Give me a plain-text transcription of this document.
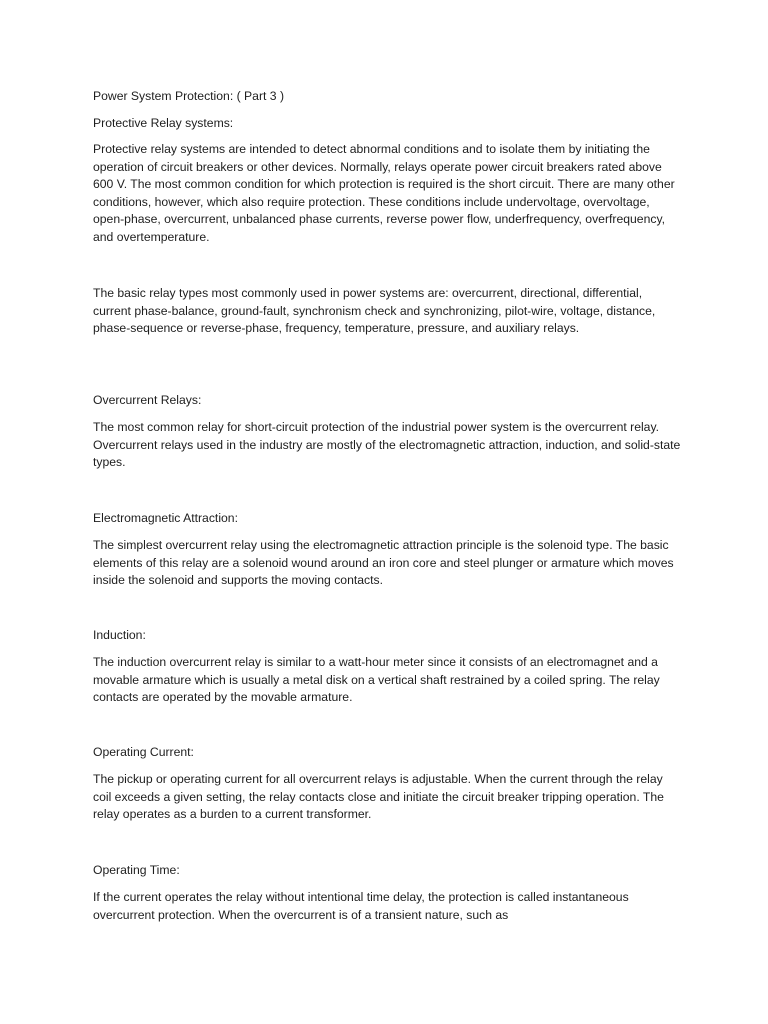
Power System Protection: ( Part 3 )

Protective Relay systems:

Protective relay systems are intended to detect abnormal conditions and to isolate them by initiating the operation of circuit breakers or other devices. Normally, relays operate power circuit breakers rated above 600 V. The most common condition for which protection is required is the short circuit. There are many other conditions, however, which also require protection. These conditions include undervoltage, overvoltage, open-phase, overcurrent, unbalanced phase currents, reverse power flow, underfrequency, overfrequency, and overtemperature.

The basic relay types most commonly used in power systems are: overcurrent, directional, differential, current phase-balance, ground-fault, synchronism check and synchronizing, pilot-wire, voltage, distance, phase-sequence or reverse-phase, frequency, temperature, pressure, and auxiliary relays.

Overcurrent Relays:

The most common relay for short-circuit protection of the industrial power system is the overcurrent relay. Overcurrent relays used in the industry are mostly of the electromagnetic attraction, induction, and solid-state types.

Electromagnetic Attraction:

The simplest overcurrent relay using the electromagnetic attraction principle is the solenoid type. The basic elements of this relay are a solenoid wound around an iron core and steel plunger or armature which moves inside the solenoid and supports the moving contacts.

Induction:

The induction overcurrent relay is similar to a watt-hour meter since it consists of an electromagnet and a movable armature which is usually a metal disk on a vertical shaft restrained by a coiled spring. The relay contacts are operated by the movable armature.

Operating Current:

The pickup or operating current for all overcurrent relays is adjustable. When the current through the relay coil exceeds a given setting, the relay contacts close and initiate the circuit breaker tripping operation. The relay operates as a burden to a current transformer.

Operating Time:

If the current operates the relay without intentional time delay, the protection is called instantaneous overcurrent protection. When the overcurrent is of a transient nature, such as
